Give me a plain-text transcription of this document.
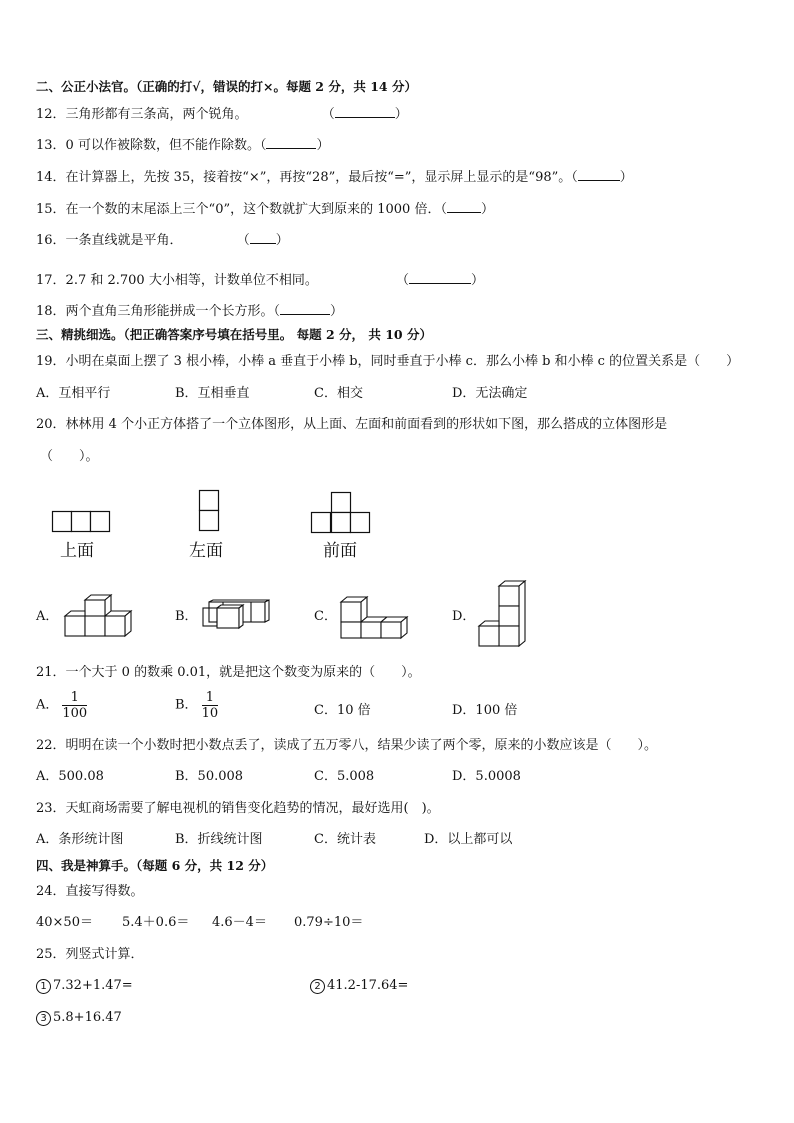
二、公正小法官。（正确的打√，错误的打×。每题 2 分，共 14 分）
12．三角形都有三条高，两个锐角。	（	）
13．0 可以作被除数，但不能作除数。（	）
14．在计算器上，先按 35，接着按“×”，再按“28”，最后按“=”，显示屏上显示的是“98”。（	）
15．在一个数的末尾添上三个“0”，这个数就扩大到原来的 1000 倍．（	）
16．一条直线就是平角．	（ ）
17．2.7 和 2.700 大小相等，计数单位不相同。	（	）
18．两个直角三角形能拼成一个长方形。（	）
三、精挑细选。（把正确答案序号填在括号里。 每题 2 分， 共 10 分）
19．小明在桌面上摆了 3 根小棒，小棒 a 垂直于小棒 b，同时垂直于小棒 c．那么小棒 b 和小棒 c 的位置关系是（　　）
A．互相平行	B．互相垂直	C．相交	D．无法确定
20．林林用 4 个小正方体搭了一个立体图形，从上面、左面和前面看到的形状如下图，那么搭成的立体图形是
（　　）。
上面	左面	前面
A．	B．	C．	D．
21．一个大于 0 的数乘 0.01，就是把这个数变为原来的（　　）。
A． $\frac{1}{100}$	B． $\frac{1}{10}$	C．10 倍	D．100 倍
22．明明在读一个小数时把小数点丢了，读成了五万零八，结果少读了两个零，原来的小数应该是（　　）。
A．500.08	B．50.008	C．5.008	D．5.0008
23．天虹商场需要了解电视机的销售变化趋势的情况，最好选用(　)。
A．条形统计图	B．折线统计图	C．统计表	D．以上都可以
四、我是神算手。（每题 6 分，共 12 分）
24．直接写得数。
40×50＝ 5.4＋0.6＝ 4.6－4＝ 0.79÷10＝
25．列竖式计算．
1 7.32+1.47=	2 41.2-17.64=
3 5.8+16.47
